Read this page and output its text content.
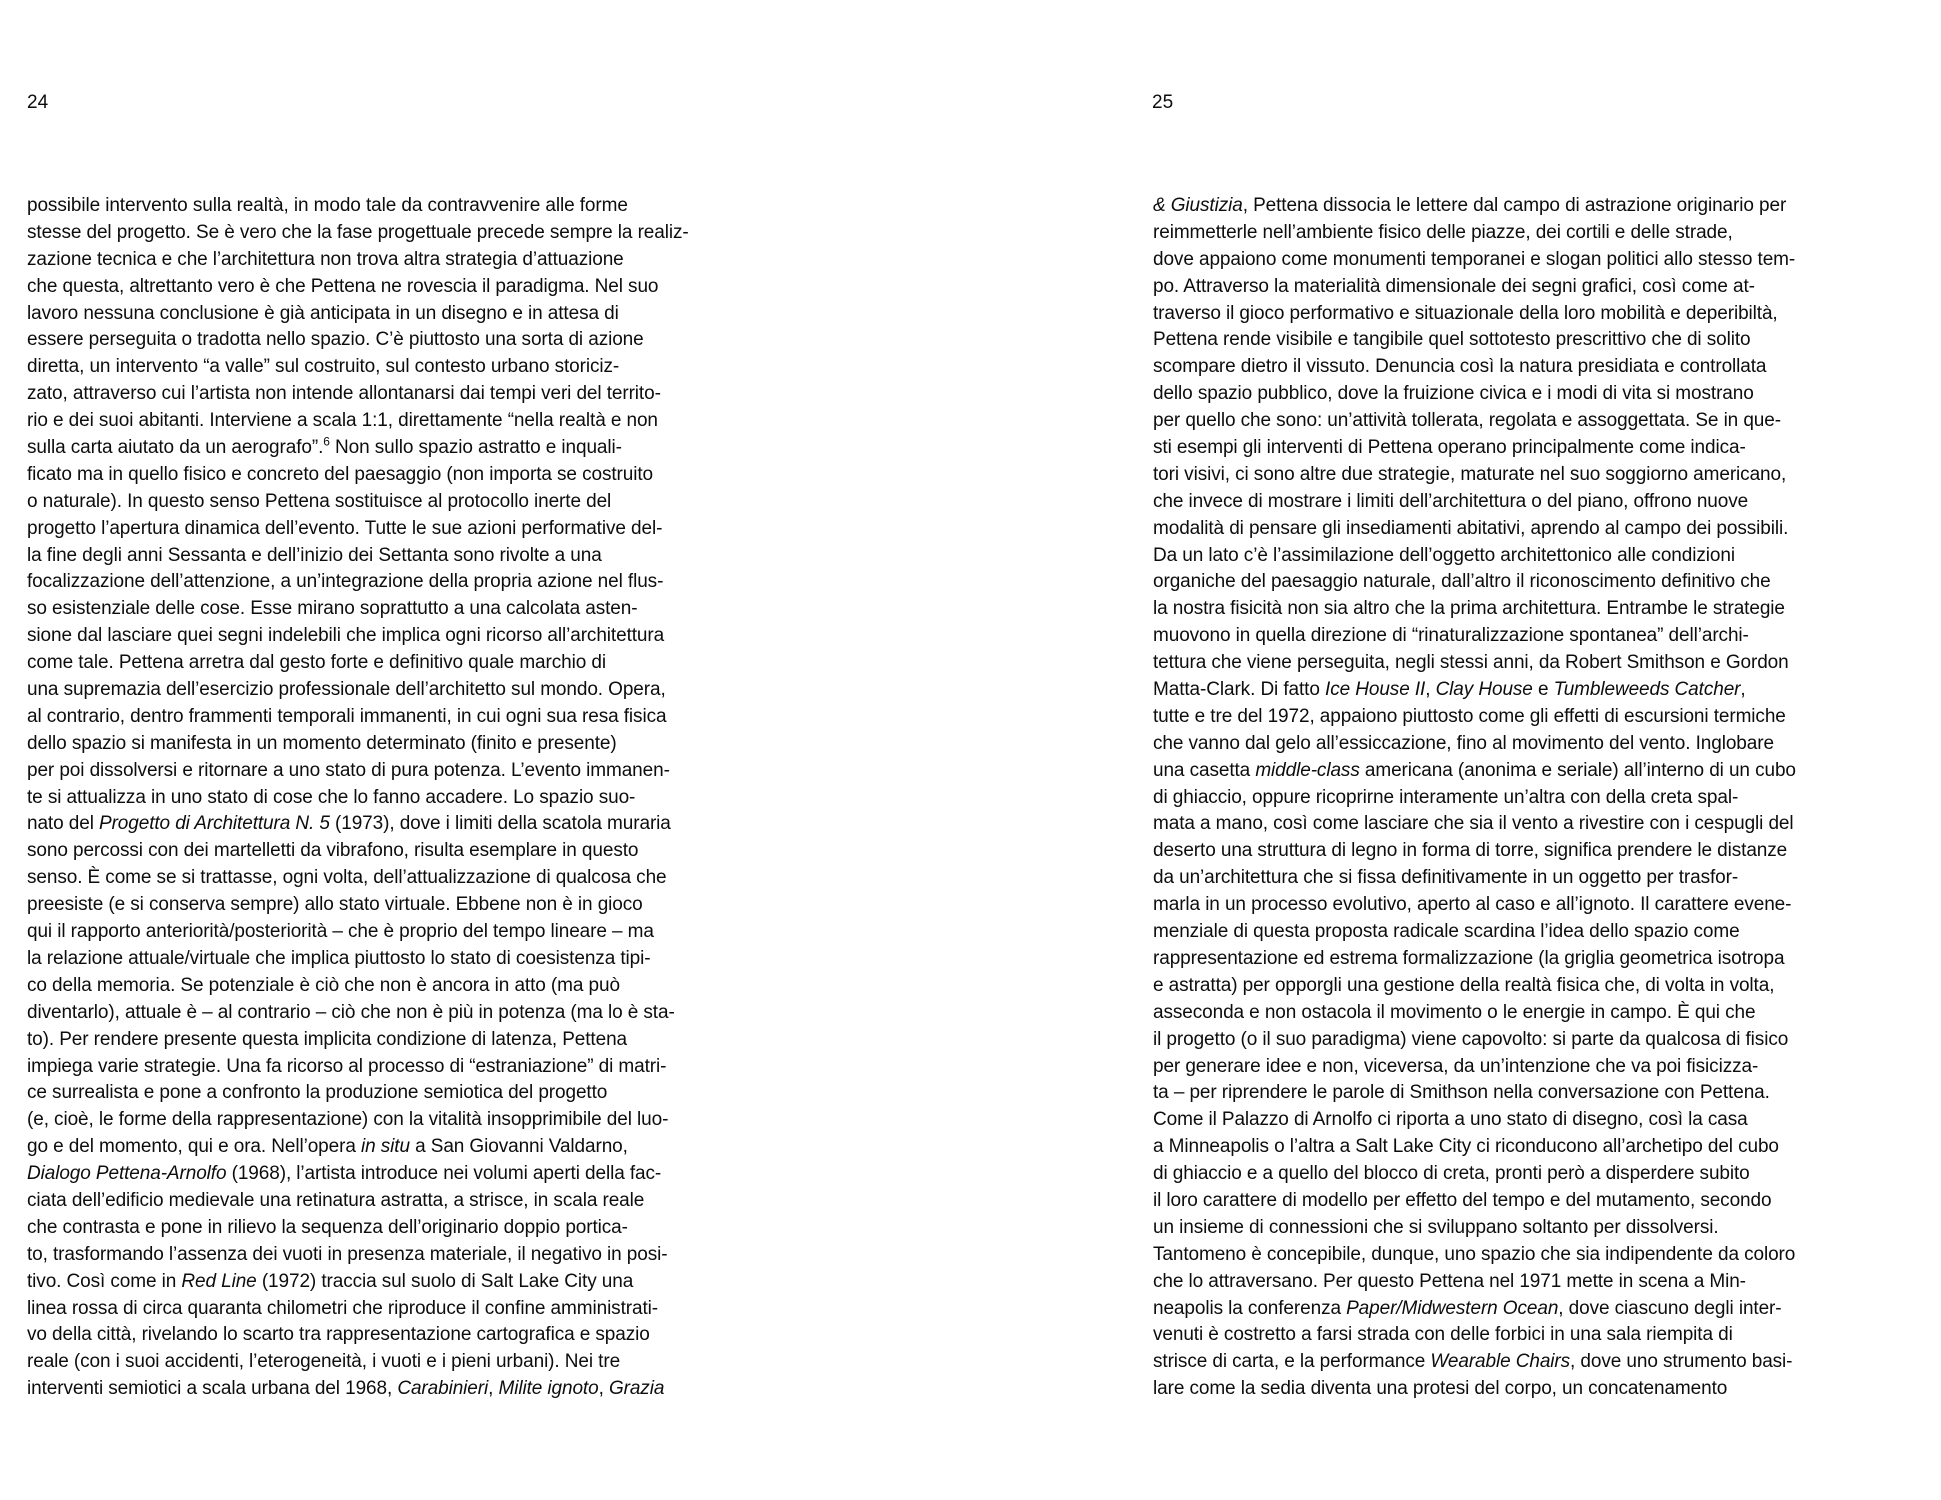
24	25
possibile intervento sulla realtà, in modo tale da contravvenire alle forme
stesse del progetto. Se è vero che la fase progettuale precede sempre la realiz-
zazione tecnica e che l’architettura non trova altra strategia d’attuazione
che questa, altrettanto vero è che Pettena ne rovescia il paradigma. Nel suo
lavoro nessuna conclusione è già anticipata in un disegno e in attesa di
essere perseguita o tradotta nello spazio. C’è piuttosto una sorta di azione
diretta, un intervento “a valle” sul costruito, sul contesto urbano storiciz-
zato, attraverso cui l’artista non intende allontanarsi dai tempi veri del territo-
rio e dei suoi abitanti. Interviene a scala 1:1, direttamente “nella realtà e non
sulla carta aiutato da un aerografo”.$^6$ Non sullo spazio astratto e inquali-
ficato ma in quello fisico e concreto del paesaggio (non importa se costruito
o naturale). In questo senso Pettena sostituisce al protocollo inerte del
progetto l’apertura dinamica dell’evento. Tutte le sue azioni performative del-
la fine degli anni Sessanta e dell’inizio dei Settanta sono rivolte a una
focalizzazione dell’attenzione, a un’integrazione della propria azione nel flus-
so esistenziale delle cose. Esse mirano soprattutto a una calcolata asten-
sione dal lasciare quei segni indelebili che implica ogni ricorso all’architettura
come tale. Pettena arretra dal gesto forte e definitivo quale marchio di
una supremazia dell’esercizio professionale dell’architetto sul mondo. Opera,
al contrario, dentro frammenti temporali immanenti, in cui ogni sua resa fisica
dello spazio si manifesta in un momento determinato (finito e presente)
per poi dissolversi e ritornare a uno stato di pura potenza. L’evento immanen-
te si attualizza in uno stato di cose che lo fanno accadere. Lo spazio suo-
nato del Progetto di Architettura N. 5 (1973), dove i limiti della scatola muraria
sono percossi con dei martelletti da vibrafono, risulta esemplare in questo
senso. È come se si trattasse, ogni volta, dell’attualizzazione di qualcosa che
preesiste (e si conserva sempre) allo stato virtuale. Ebbene non è in gioco
qui il rapporto anteriorità/posteriorità – che è proprio del tempo lineare – ma
la relazione attuale/virtuale che implica piuttosto lo stato di coesistenza tipi-
co della memoria. Se potenziale è ciò che non è ancora in atto (ma può
diventarlo), attuale è – al contrario – ciò che non è più in potenza (ma lo è sta-
to). Per rendere presente questa implicita condizione di latenza, Pettena
impiega varie strategie. Una fa ricorso al processo di “estraniazione” di matri-
ce surrealista e pone a confronto la produzione semiotica del progetto
(e, cioè, le forme della rappresentazione) con la vitalità insopprimibile del luo-
go e del momento, qui e ora. Nell’opera in situ a San Giovanni Valdarno,
Dialogo Pettena-Arnolfo (1968), l’artista introduce nei volumi aperti della fac-
ciata dell’edificio medievale una retinatura astratta, a strisce, in scala reale
che contrasta e pone in rilievo la sequenza dell’originario doppio portica-
to, trasformando l’assenza dei vuoti in presenza materiale, il negativo in posi-
tivo. Così come in Red Line (1972) traccia sul suolo di Salt Lake City una
linea rossa di circa quaranta chilometri che riproduce il confine amministrati-
vo della città, rivelando lo scarto tra rappresentazione cartografica e spazio
reale (con i suoi accidenti, l’eterogeneità, i vuoti e i pieni urbani). Nei tre
interventi semiotici a scala urbana del 1968, Carabinieri, Milite ignoto, Grazia
& Giustizia, Pettena dissocia le lettere dal campo di astrazione originario per
reimmetterle nell’ambiente fisico delle piazze, dei cortili e delle strade,
dove appaiono come monumenti temporanei e slogan politici allo stesso tem-
po. Attraverso la materialità dimensionale dei segni grafici, così come at-
traverso il gioco performativo e situazionale della loro mobilità e deperibiltà,
Pettena rende visibile e tangibile quel sottotesto prescrittivo che di solito
scompare dietro il vissuto. Denuncia così la natura presidiata e controllata
dello spazio pubblico, dove la fruizione civica e i modi di vita si mostrano
per quello che sono: un’attività tollerata, regolata e assoggettata. Se in que-
sti esempi gli interventi di Pettena operano principalmente come indica-
tori visivi, ci sono altre due strategie, maturate nel suo soggiorno americano,
che invece di mostrare i limiti dell’architettura o del piano, offrono nuove
modalità di pensare gli insediamenti abitativi, aprendo al campo dei possibili.
Da un lato c’è l’assimilazione dell’oggetto architettonico alle condizioni
organiche del paesaggio naturale, dall’altro il riconoscimento definitivo che
la nostra fisicità non sia altro che la prima architettura. Entrambe le strategie
muovono in quella direzione di “rinaturalizzazione spontanea” dell’archi-
tettura che viene perseguita, negli stessi anni, da Robert Smithson e Gordon
Matta-Clark. Di fatto Ice House II, Clay House e Tumbleweeds Catcher,
tutte e tre del 1972, appaiono piuttosto come gli effetti di escursioni termiche
che vanno dal gelo all’essiccazione, fino al movimento del vento. Inglobare
una casetta middle-class americana (anonima e seriale) all’interno di un cubo
di ghiaccio, oppure ricoprirne interamente un’altra con della creta spal-
mata a mano, così come lasciare che sia il vento a rivestire con i cespugli del
deserto una struttura di legno in forma di torre, significa prendere le distanze
da un’architettura che si fissa definitivamente in un oggetto per trasfor-
marla in un processo evolutivo, aperto al caso e all’ignoto. Il carattere evene-
menziale di questa proposta radicale scardina l’idea dello spazio come
rappresentazione ed estrema formalizzazione (la griglia geometrica isotropa
e astratta) per opporgli una gestione della realtà fisica che, di volta in volta,
asseconda e non ostacola il movimento o le energie in campo. È qui che
il progetto (o il suo paradigma) viene capovolto: si parte da qualcosa di fisico
per generare idee e non, viceversa, da un’intenzione che va poi fisicizza-
ta – per riprendere le parole di Smithson nella conversazione con Pettena.
Come il Palazzo di Arnolfo ci riporta a uno stato di disegno, così la casa
a Minneapolis o l’altra a Salt Lake City ci riconducono all’archetipo del cubo
di ghiaccio e a quello del blocco di creta, pronti però a disperdere subito
il loro carattere di modello per effetto del tempo e del mutamento, secondo
un insieme di connessioni che si sviluppano soltanto per dissolversi.
Tantomeno è concepibile, dunque, uno spazio che sia indipendente da coloro
che lo attraversano. Per questo Pettena nel 1971 mette in scena a Min-
neapolis la conferenza Paper/Midwestern Ocean, dove ciascuno degli inter-
venuti è costretto a farsi strada con delle forbici in una sala riempita di
strisce di carta, e la performance Wearable Chairs, dove uno strumento basi-
lare come la sedia diventa una protesi del corpo, un concatenamento
